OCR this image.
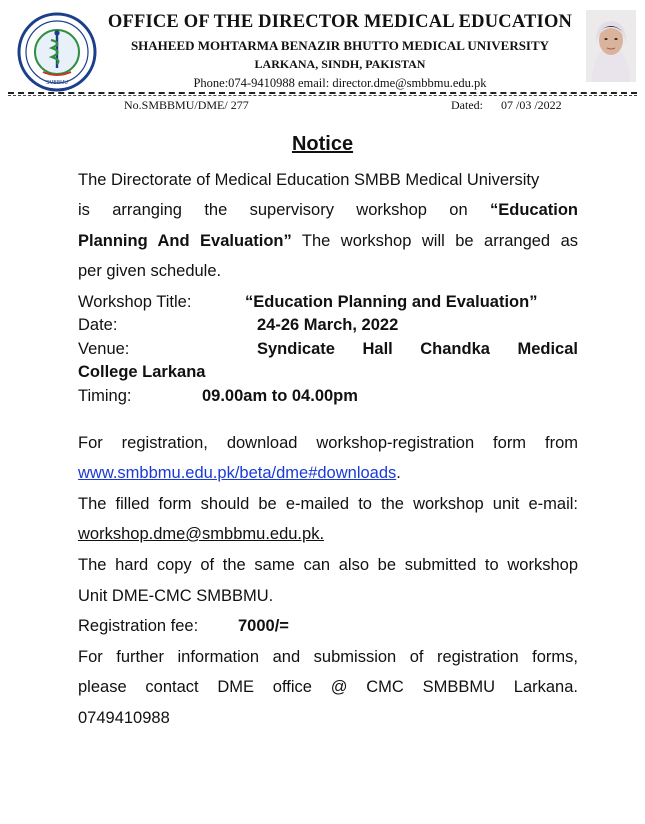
SMBBMU
OFFICE OF THE DIRECTOR MEDICAL EDUCATION
SHAHEED MOHTARMA BENAZIR BHUTTO MEDICAL UNIVERSITY
LARKANA, SINDH, PAKISTAN
Phone:074-9410988 email: director.dme@smbbmu.edu.pk
No.SMBBMU/DME/ 277	Dated: 07 /03 /2022
Notice
The Directorate of Medical Education SMBB Medical University
is arranging the supervisory workshop on “Education
Planning And Evaluation” The workshop will be arranged as
per given schedule.
Workshop Title:	“Education Planning and Evaluation”
Date:	24-26 March, 2022
Venue:	Syndicate Hall Chandka Medical
College Larkana
Timing:	09.00am to 04.00pm
For registration, download workshop-registration form from
www.smbbmu.edu.pk/beta/dme#downloads.
The filled form should be e-mailed to the workshop unit e-mail:
workshop.dme@smbbmu.edu.pk.
The hard copy of the same can also be submitted to workshop
Unit DME-CMC SMBBMU.
Registration fee: 7000/=
For further information and submission of registration forms,
please contact DME office @ CMC SMBBMU Larkana.
0749410988
